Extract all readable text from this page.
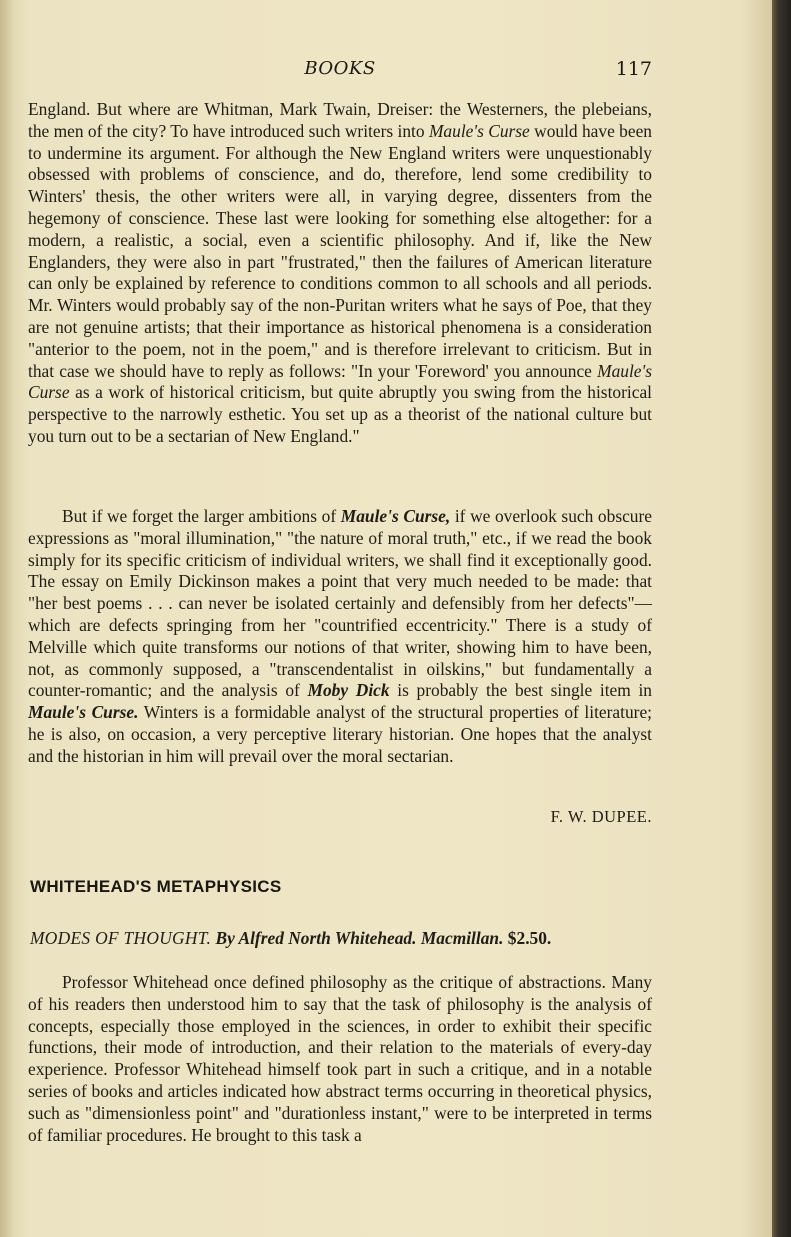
BOOKS	117

England. But where are Whitman, Mark Twain, Dreiser: the Westerners, the plebeians, the men of the city? To have introduced such writers into Maule's Curse would have been to undermine its argument. For although the New England writers were unquestionably obsessed with problems of conscience, and do, therefore, lend some credibility to Winters' thesis, the other writers were all, in varying degree, dissenters from the hegemony of conscience. These last were looking for something else altogether: for a modern, a realistic, a social, even a scientific philosophy. And if, like the New Englanders, they were also in part "frustrated," then the failures of American literature can only be explained by reference to conditions common to all schools and all periods. Mr. Winters would probably say of the non-Puritan writers what he says of Poe, that they are not genuine artists; that their importance as historical phenomena is a consideration "anterior to the poem, not in the poem," and is therefore irrelevant to criticism. But in that case we should have to reply as follows: "In your 'Foreword' you announce Maule's Curse as a work of historical criticism, but quite abruptly you swing from the historical perspective to the narrowly esthetic. You set up as a theorist of the national culture but you turn out to be a sectarian of New England."

But if we forget the larger ambitions of Maule's Curse, if we overlook such obscure expressions as "moral illumination," "the nature of moral truth," etc., if we read the book simply for its specific criticism of individual writers, we shall find it exceptionally good. The essay on Emily Dickinson makes a point that very much needed to be made: that "her best poems . . . can never be isolated certainly and defensibly from her defects"—which are defects springing from her "countrified eccentricity." There is a study of Melville which quite transforms our notions of that writer, showing him to have been, not, as commonly supposed, a "transcendentalist in oilskins," but fundamentally a counter-romantic; and the analysis of Moby Dick is probably the best single item in Maule's Curse. Winters is a formidable analyst of the structural properties of literature; he is also, on occasion, a very perceptive literary historian. One hopes that the analyst and the historian in him will prevail over the moral sectarian.

F. W. DUPEE.
WHITEHEAD'S METAPHYSICS
MODES OF THOUGHT. By Alfred North Whitehead. Macmillan. $2.50.

Professor Whitehead once defined philosophy as the critique of abstractions. Many of his readers then understood him to say that the task of philosophy is the analysis of concepts, especially those employed in the sciences, in order to exhibit their specific functions, their mode of introduction, and their relation to the materials of every-day experience. Professor Whitehead himself took part in such a critique, and in a notable series of books and articles indicated how abstract terms occurring in theoretical physics, such as "dimensionless point" and "durationless instant," were to be interpreted in terms of familiar procedures. He brought to this task a
